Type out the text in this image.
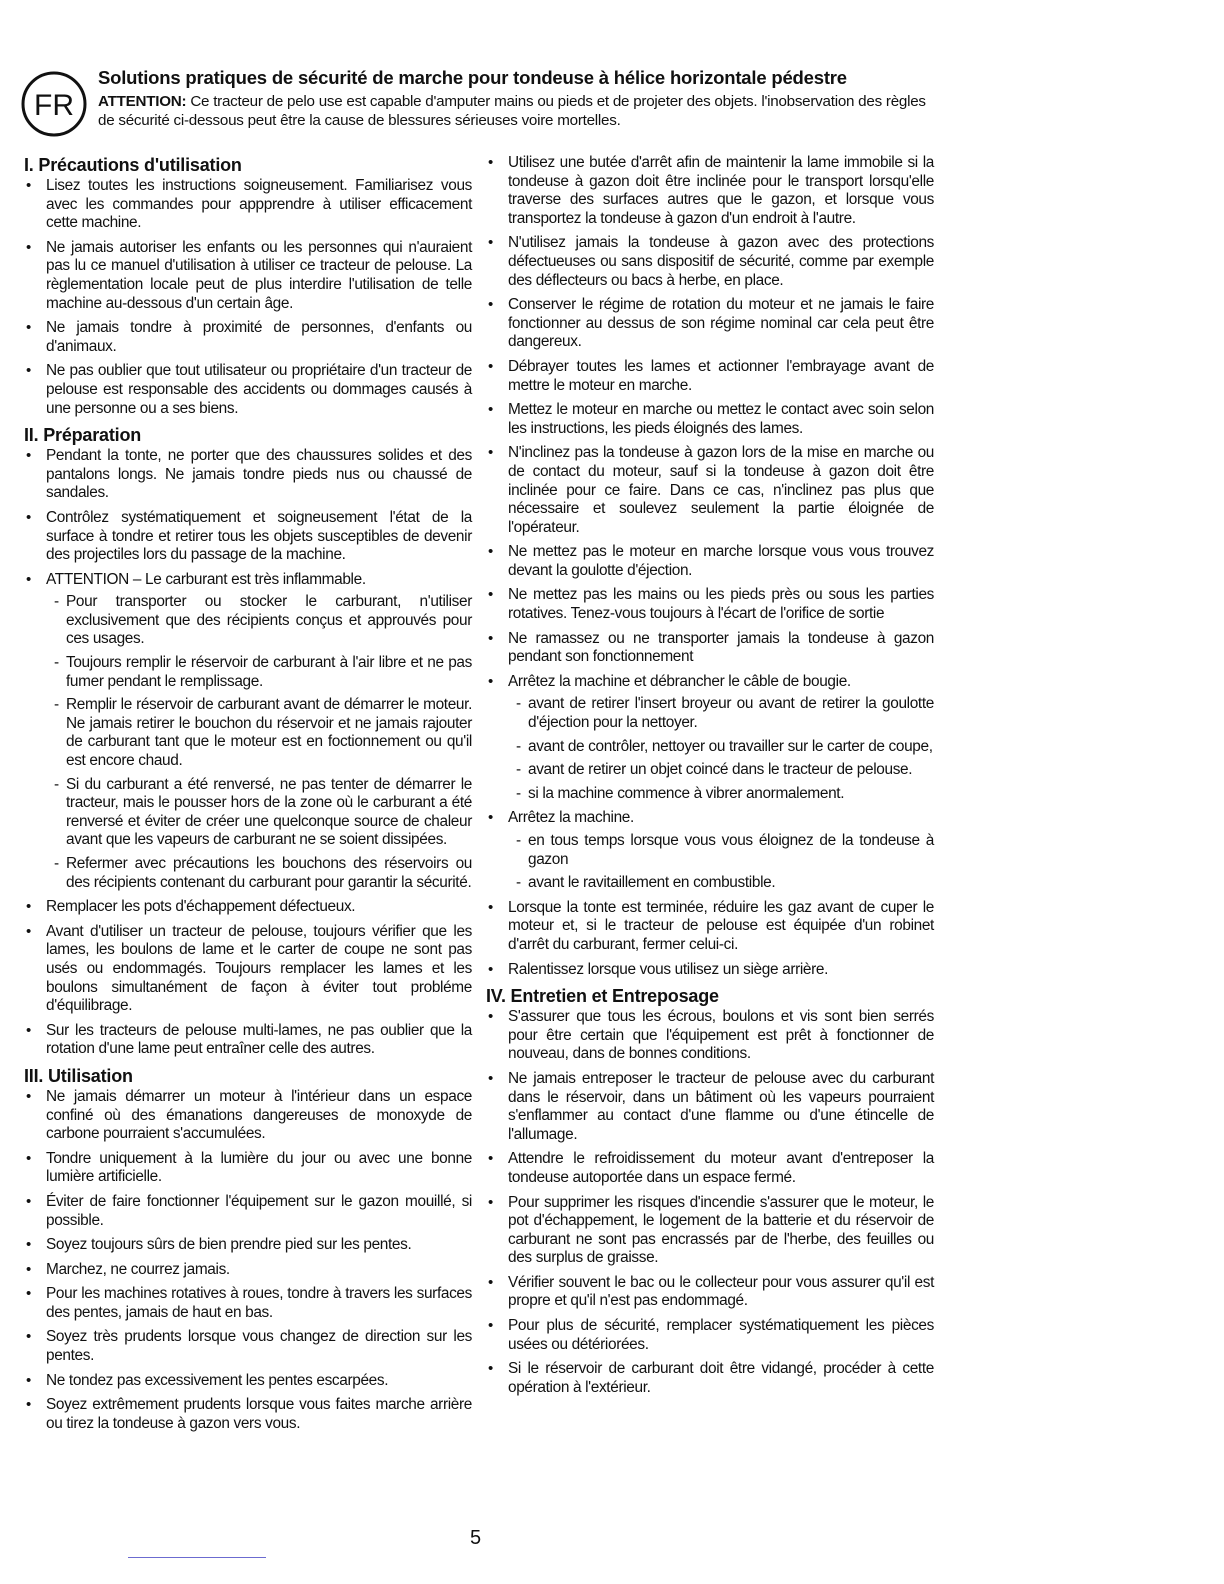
FR
Solutions pratiques de sécurité de marche pour tondeuse à hélice horizontale pédestre

ATTENTION: Ce tracteur de pelo use est capable d'amputer mains ou pieds et de projeter des objets. l'inobservation des règles de sécurité ci-dessous peut être la cause de blessures sérieuses voire mortelles.

I. Précautions d'utilisation
• Lisez toutes les instructions soigneusement. Familiarisez vous avec les commandes pour appprendre à utiliser efficacement cette machine.
• Ne jamais autoriser les enfants ou les personnes qui n'auraient pas lu ce manuel d'utilisation à utiliser ce tracteur de pelouse. La règlementation locale peut de plus interdire l'utilisation de telle machine au-dessous d'un certain âge.
• Ne jamais tondre à proximité de personnes, d'enfants ou d'animaux.
• Ne pas oublier que tout utilisateur ou propriétaire d'un tracteur de pelouse est responsable des accidents ou dommages causés à une personne ou a ses biens.
II. Préparation
• Pendant la tonte, ne porter que des chaussures solides et des pantalons longs. Ne jamais tondre pieds nus ou chaussé de sandales.
• Contrôlez systématiquement et soigneusement l'état de la surface à tondre et retirer tous les objets susceptibles de devenir des projectiles lors du passage de la machine.
• ATTENTION – Le carburant est très inflammable.
- Pour transporter ou stocker le carburant, n'utiliser exclusivement que des récipients conçus et approuvés pour ces usages.
- Toujours remplir le réservoir de carburant à l'air libre et ne pas fumer pendant le remplissage.
- Remplir le réservoir de carburant avant de démarrer le moteur. Ne jamais retirer le bouchon du réservoir et ne jamais rajouter de carburant tant que le moteur est en foctionnement ou qu'il est encore chaud.
- Si du carburant a été renversé, ne pas tenter de démarrer le tracteur, mais le pousser hors de la zone où le carburant a été renversé et éviter de créer une quelconque source de chaleur avant que les vapeurs de carburant ne se soient dissipées.
- Refermer avec précautions les bouchons des réservoirs ou des récipients contenant du carburant pour garantir la sécurité.
• Remplacer les pots d'échappement défectueux.
• Avant d'utiliser un tracteur de pelouse, toujours vérifier que les lames, les boulons de lame et le carter de coupe ne sont pas usés ou endommagés. Toujours remplacer les lames et les boulons simultanément de façon à éviter tout probléme d'équilibrage.
• Sur les tracteurs de pelouse multi-lames, ne pas oublier que la rotation d'une lame peut entraîner celle des autres.
III. Utilisation
• Ne jamais démarrer un moteur à l'intérieur dans un espace confiné où des émanations dangereuses de monoxyde de carbone pourraient s'accumulées.
• Tondre uniquement à la lumière du jour ou avec une bonne lumière artificielle.
• Éviter de faire fonctionner l'équipement sur le gazon mouillé, si possible.
• Soyez toujours sûrs de bien prendre pied sur les pentes.
• Marchez, ne courrez jamais.
• Pour les machines rotatives à roues, tondre à travers les surfaces des pentes, jamais de haut en bas.
• Soyez très prudents lorsque vous changez de direction sur les pentes.
• Ne tondez pas excessivement les pentes escarpées.
• Soyez extrêmement prudents lorsque vous faites marche arrière ou tirez la tondeuse à gazon vers vous.
• Utilisez une butée d'arrêt afin de maintenir la lame immobile si la tondeuse à gazon doit être inclinée pour le transport lorsqu'elle traverse des surfaces autres que le gazon, et lorsque vous transportez la tondeuse à gazon d'un endroit à l'autre.
• N'utilisez jamais la tondeuse à gazon avec des protections défectueuses ou sans dispositif de sécurité, comme par exemple des déflecteurs ou bacs à herbe, en place.
• Conserver le régime de rotation du moteur et ne jamais le faire fonctionner au dessus de son régime nominal car cela peut être dangereux.
• Débrayer toutes les lames et actionner l'embrayage avant de mettre le moteur en marche.
• Mettez le moteur en marche ou mettez le contact avec soin selon les instructions, les pieds éloignés des lames.
• N'inclinez pas la tondeuse à gazon lors de la mise en marche ou de contact du moteur, sauf si la tondeuse à gazon doit être inclinée pour ce faire. Dans ce cas, n'inclinez pas plus que nécessaire et soulevez seulement la partie éloignée de l'opérateur.
• Ne mettez pas le moteur en marche lorsque vous vous trouvez devant la goulotte d'éjection.
• Ne mettez pas les mains ou les pieds près ou sous les parties rotatives. Tenez-vous toujours à l'écart de l'orifice de sortie
• Ne ramassez ou ne transporter jamais la tondeuse à gazon pendant son fonctionnement
• Arrêtez la machine et débrancher le câble de bougie.
- avant de retirer l'insert broyeur ou avant de retirer la goulotte d'éjection pour la nettoyer.
- avant de contrôler, nettoyer ou travailler sur le carter de coupe,
- avant de retirer un objet coincé dans le tracteur de pelouse.
- si la machine commence à vibrer anormalement.
• Arrêtez la machine.
- en tous temps lorsque vous vous éloignez de la tondeuse à gazon
- avant le ravitaillement en combustible.
• Lorsque la tonte est terminée, réduire les gaz avant de cuper le moteur et, si le tracteur de pelouse est équipée d'un robinet d'arrêt du carburant, fermer celui-ci.
• Ralentissez lorsque vous utilisez un siège arrière.
IV. Entretien et Entreposage
• S'assurer que tous les écrous, boulons et vis sont bien serrés pour être certain que l'équipement est prêt à fonctionner de nouveau, dans de bonnes conditions.
• Ne jamais entreposer le tracteur de pelouse avec du carburant dans le réservoir, dans un bâtiment où les vapeurs pourraient s'enflammer au contact d'une flamme ou d'une étincelle de l'allumage.
• Attendre le refroidissement du moteur avant d'entreposer la tondeuse autoportée dans un espace fermé.
• Pour supprimer les risques d'incendie s'assurer que le moteur, le pot d'échappement, le logement de la batterie et du réservoir de carburant ne sont pas encrassés par de l'herbe, des feuilles ou des surplus de graisse.
• Vérifier souvent le bac ou le collecteur pour vous assurer qu'il est propre et qu'il n'est pas endommagé.
• Pour plus de sécurité, remplacer systématiquement les pièces usées ou détériorées.
• Si le réservoir de carburant doit être vidangé, procéder à cette opération à l'extérieur.
5
